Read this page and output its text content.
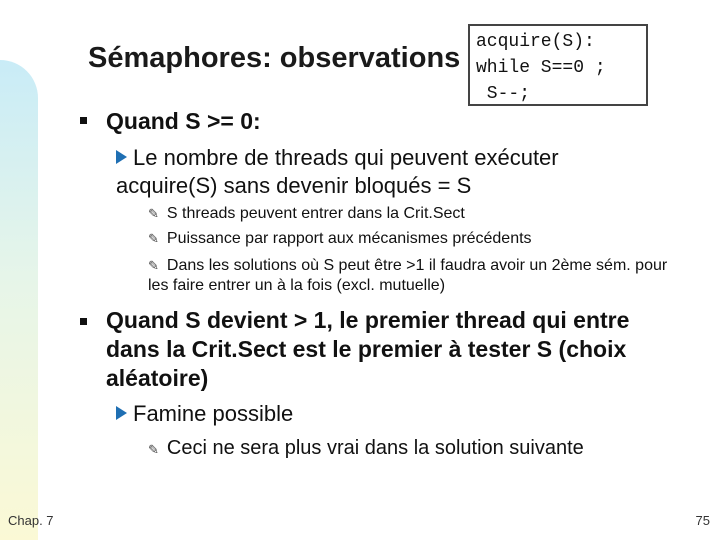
Sémaphores: observations acquire(S):
while S==0 ;
S--;
Quand S >= 0:
Le nombre de threads qui peuvent exécuter acquire(S) sans devenir bloqués = S
✎ S threads peuvent entrer dans la Crit.Sect
✎ Puissance par rapport aux mécanismes précédents
✎ Dans les solutions où S peut être >1 il faudra avoir un 2ème sém. pour les faire entrer un à la fois (excl. mutuelle)
Quand S devient > 1, le premier thread qui entre dans la Crit.Sect est le premier à tester S (choix aléatoire)
Famine possible
✎ Ceci ne sera plus vrai dans la solution suivante
Chap. 7	75
